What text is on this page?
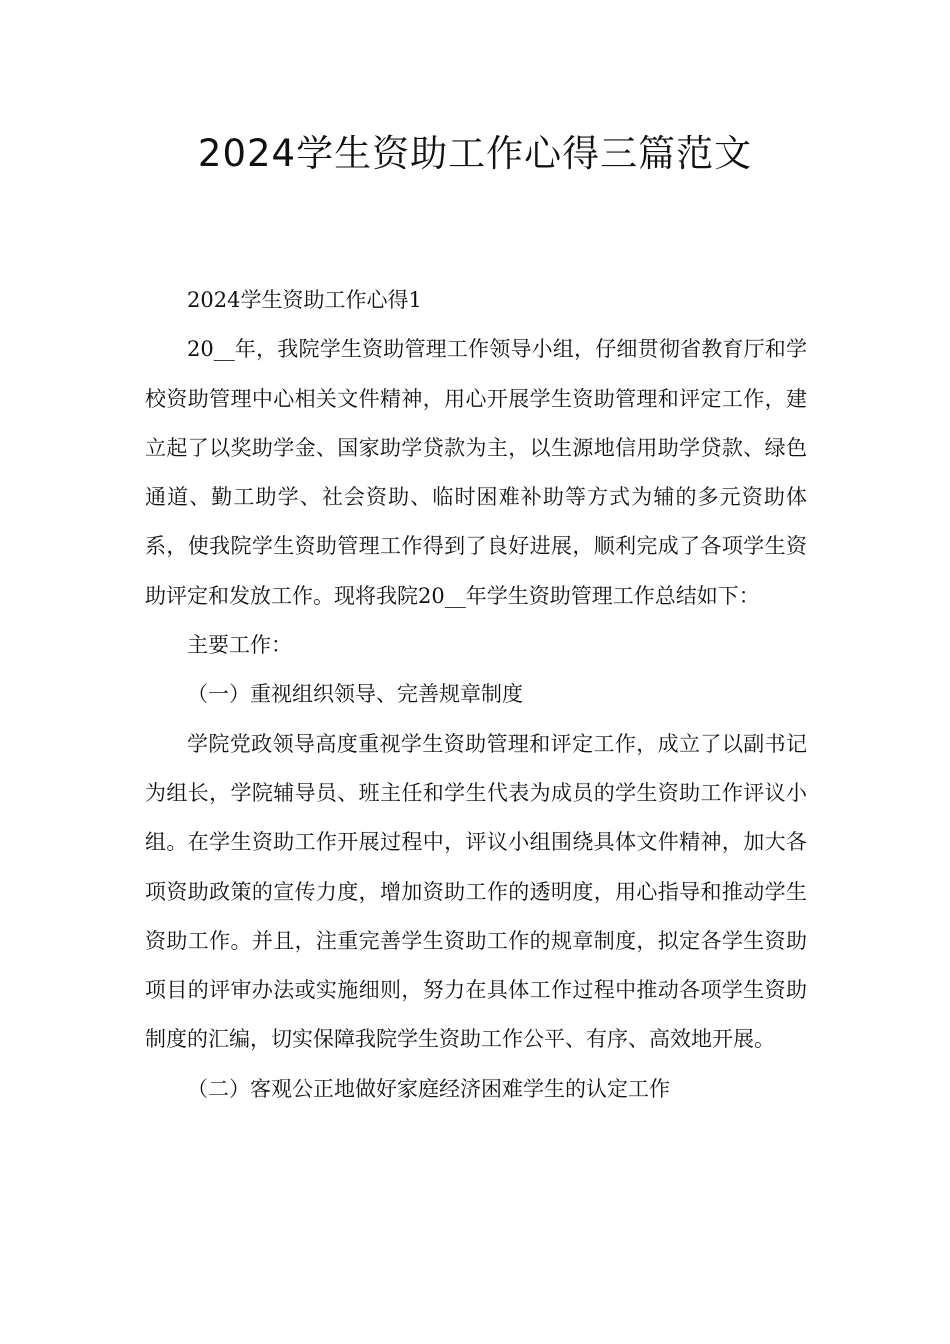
2024学生资助工作心得三篇范文

2024学生资助工作心得1

20__年，我院学生资助管理工作领导小组，仔细贯彻省教育厅和学校资助管理中心相关文件精神，用心开展学生资助管理和评定工作，建立起了以奖助学金、国家助学贷款为主，以生源地信用助学贷款、绿色通道、勤工助学、社会资助、临时困难补助等方式为辅的多元资助体系，使我院学生资助管理工作得到了良好进展，顺利完成了各项学生资助评定和发放工作。现将我院20__年学生资助管理工作总结如下：

主要工作：

（一）重视组织领导、完善规章制度

学院党政领导高度重视学生资助管理和评定工作，成立了以副书记为组长，学院辅导员、班主任和学生代表为成员的学生资助工作评议小组。在学生资助工作开展过程中，评议小组围绕具体文件精神，加大各项资助政策的宣传力度，增加资助工作的透明度，用心指导和推动学生资助工作。并且，注重完善学生资助工作的规章制度，拟定各学生资助项目的评审办法或实施细则，努力在具体工作过程中推动各项学生资助制度的汇编，切实保障我院学生资助工作公平、有序、高效地开展。

（二）客观公正地做好家庭经济困难学生的认定工作
